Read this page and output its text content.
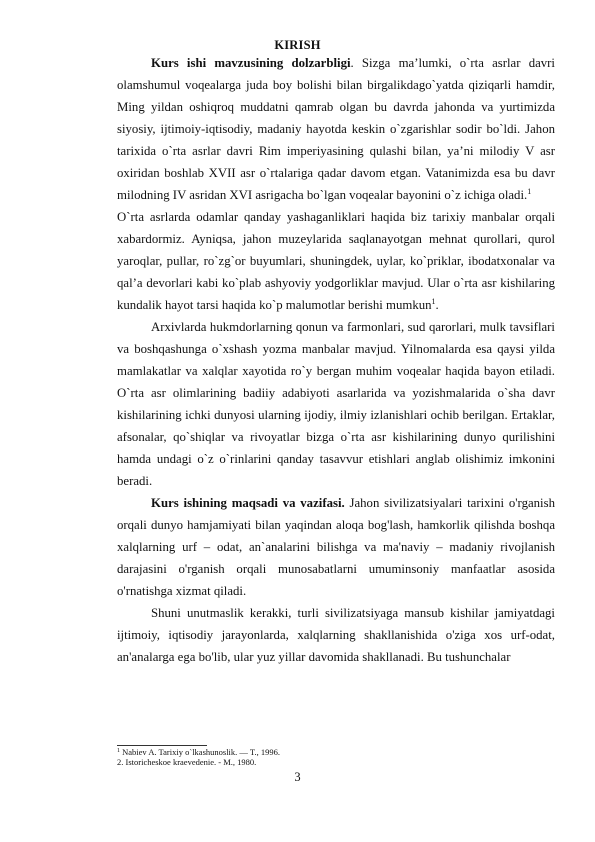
KIRISH

Kurs ishi mavzusining dolzarbligi. Sizga ma’lumki, o`rta asrlar davri olamshumul voqealarga juda boy bolishi bilan birgalikdago`yatda qiziqarli hamdir, Ming yildan oshiqroq muddatni qamrab olgan bu davrda jahonda va yurtimizda siyosiy, ijtimoiy-iqtisodiy, madaniy hayotda keskin o`zgarishlar sodir bo`ldi. Jahon tarixida o`rta asrlar davri Rim imperiyasining qulashi bilan, ya’ni milodiy V asr oxiridan boshlab XVII asr o`rtalariga qadar davom etgan. Vatanimizda esa bu davr milodning IV asridan XVI asrigacha bo`lgan voqealar bayonini o`z ichiga oladi.$^1$

O`rta asrlarda odamlar qanday yashaganliklari haqida biz tarixiy manbalar orqali xabardormiz. Ayniqsa, jahon muzeylarida saqlanayotgan mehnat qurollari, qurol yaroqlar, pullar, ro`zg`or buyumlari, shuningdek, uylar, ko`priklar, ibodatxonalar va qal’a devorlari kabi ko`plab ashyoviy yodgorliklar mavjud. Ular o`rta asr kishilaring kundalik hayot tarsi haqida ko`p malumotlar berishi mumkun$^1$.

Arxivlarda hukmdorlarning qonun va farmonlari, sud qarorlari, mulk tavsiflari va boshqashunga o`xshash yozma manbalar mavjud. Yilnomalarda esa qaysi yilda mamlakatlar va xalqlar xayotida ro`y bergan muhim voqealar haqida bayon etiladi. O`rta asr olimlarining badiiy adabiyoti asarlarida va yozishmalarida o`sha davr kishilarining ichki dunyosi ularning ijodiy, ilmiy izlanishlari ochib berilgan. Ertaklar, afsonalar, qo`shiqlar va rivoyatlar bizga o`rta asr kishilarining dunyo qurilishini hamda undagi o`z o`rinlarini qanday tasavvur etishlari anglab olishimiz imkonini beradi.

Kurs ishining maqsadi va vazifasi. Jahon sivilizatsiyalari tarixini o'rganish orqali dunyo hamjamiyati bilan yaqindan aloqa bog'lash, hamkorlik qilishda boshqa xalqlarning urf – odat, an`analarini bilishga va ma'naviy – madaniy rivojlanish darajasini o'rganish orqali munosabatlarni umuminsoniy manfaatlar asosida o'rnatishga xizmat qiladi.

Shuni unutmaslik kerakki, turli sivilizatsiyaga mansub kishilar jamiyatdagi ijtimoiy, iqtisodiy jarayonlarda, xalqlarning shakllanishida o'ziga xos urf-odat, an'analarga ega bo'lib, ular yuz yillar davomida shakllanadi. Bu tushunchalar

$^1$ Nabiev A. Tarixiy o`lkashunoslik. — T., 1996.
2. Istoricheskoe kraevedenie. - M., 1980.
3
